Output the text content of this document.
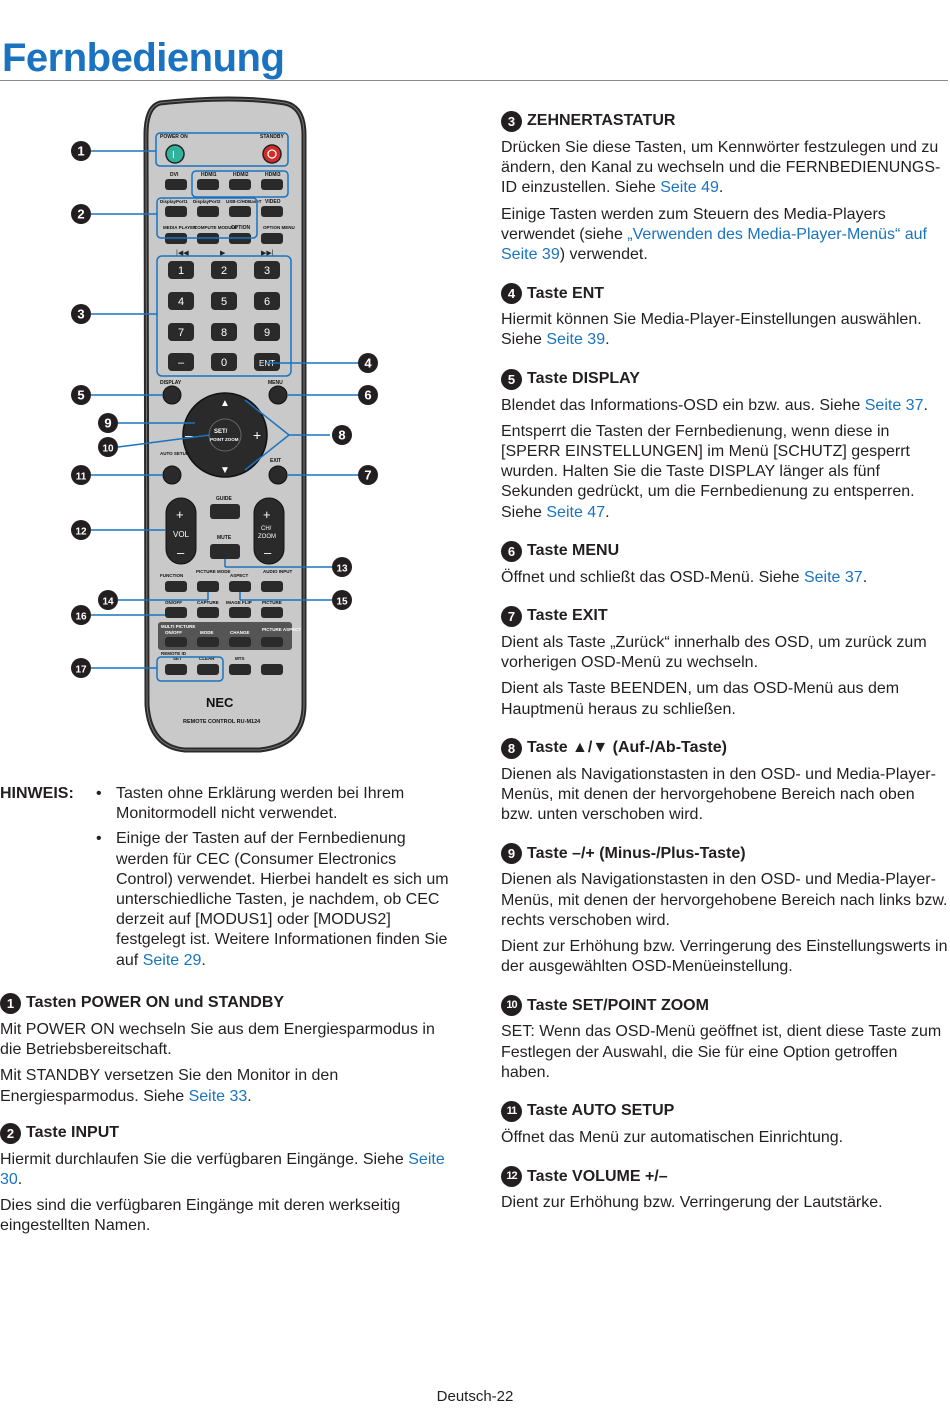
Fernbedienung
POWER ON	STANDBY
I
DVI	HDMI1	HDMI2	HDMI3
DisplayPort1 DisplayPort2 USB-C/HDBaseT VIDEO
MEDIA PLAYER
COMPUTE MODULE
OPTION	OPTION MENU
|◀◀	▶	▶▶|
1	2	3
4	5	6
7	8	9
–	0	ENT
DISPLAY	MENU
▲
▼
–	+
SET/
POINT ZOOM
AUTO SETUP
EXIT
+
VOL
–
+
CH/
ZOOM
–
GUIDE
MUTE
FUNCTION
PICTURE MODE
ASPECT
AUDIO INPUT
ON/OFF	CAPTURE IMAGE FLIP PICTURE
MULTI PICTURE
ON/OFF	MODE	CHANGE
PICTURE ASPECT
REMOTE ID
SET	CLEAR	MTS
NEC
REMOTE CONTROL RU-M124
1
2
3
4
5	6
7
8
9
10
11
12
13
14	15
16
17
HINWEIS:
•	Tasten ohne Erklärung werden bei Ihrem Monitormodell nicht verwendet.
• Einige der Tasten auf der Fernbedienung werden für CEC (Consumer Electronics Control) verwendet. Hierbei handelt es sich um unterschiedliche Tasten, je nachdem, ob CEC derzeit auf [MODUS1] oder [MODUS2] festgelegt ist. Weitere Informationen finden Sie auf Seite 29.
1 Tasten POWER ON und STANDBY

Mit POWER ON wechseln Sie aus dem Energiesparmodus in die Betriebsbereitschaft.

Mit STANDBY versetzen Sie den Monitor in den Energiesparmodus. Siehe Seite 33.

2 Taste INPUT

Hiermit durchlaufen Sie die verfügbaren Eingänge. Siehe Seite 30.

Dies sind die verfügbaren Eingänge mit deren werkseitig eingestellten Namen.

3 ZEHNERTASTATUR

Drücken Sie diese Tasten, um Kennwörter festzulegen und zu ändern, den Kanal zu wechseln und die FERNBEDIENUNGS-ID einzustellen. Siehe Seite 49.

Einige Tasten werden zum Steuern des Media-Players verwendet (siehe „Verwenden des Media-Player-Menüs“ auf Seite 39) verwendet.

4 Taste ENT

Hiermit können Sie Media-Player-Einstellungen auswählen. Siehe Seite 39.

5 Taste DISPLAY

Blendet das Informations-OSD ein bzw. aus. Siehe Seite 37.

Entsperrt die Tasten der Fernbedienung, wenn diese in [SPERR EINSTELLUNGEN] im Menü [SCHUTZ] gesperrt wurden. Halten Sie die Taste DISPLAY länger als fünf Sekunden gedrückt, um die Fernbedienung zu entsperren. Siehe Seite 47.

6 Taste MENU

Öffnet und schließt das OSD-Menü. Siehe Seite 37.

7 Taste EXIT

Dient als Taste „Zurück“ innerhalb des OSD, um zurück zum vorherigen OSD-Menü zu wechseln.

Dient als Taste BEENDEN, um das OSD-Menü aus dem Hauptmenü heraus zu schließen.

8 Taste ▲/▼ (Auf-/Ab-Taste)

Dienen als Navigationstasten in den OSD- und Media-Player-Menüs, mit denen der hervorgehobene Bereich nach oben bzw. unten verschoben wird.

9 Taste –/+ (Minus-/Plus-Taste)

Dienen als Navigationstasten in den OSD- und Media-Player-Menüs, mit denen der hervorgehobene Bereich nach links bzw. rechts verschoben wird.

Dient zur Erhöhung bzw. Verringerung des Einstellungswerts in der ausgewählten OSD-Menüeinstellung.

10 Taste SET/POINT ZOOM

SET: Wenn das OSD-Menü geöffnet ist, dient diese Taste zum Festlegen der Auswahl, die Sie für eine Option getroffen haben.

11 Taste AUTO SETUP

Öffnet das Menü zur automatischen Einrichtung.

12 Taste VOLUME +/–

Dient zur Erhöhung bzw. Verringerung der Lautstärke.

Deutsch-22
